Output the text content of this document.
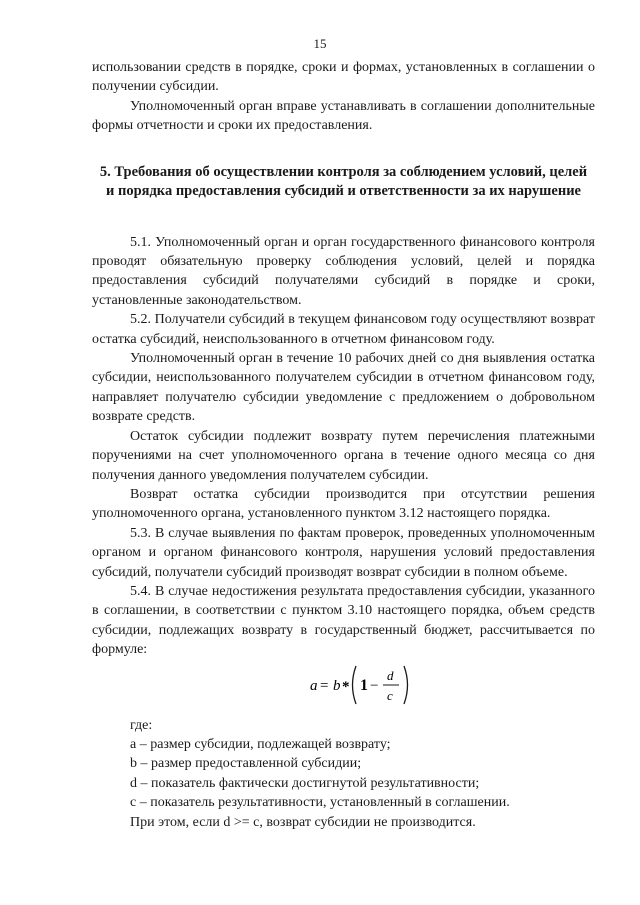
15

использовании средств в порядке, сроки и формах, установленных в соглашении о получении субсидии.

Уполномоченный орган вправе устанавливать в соглашении дополнительные формы отчетности и сроки их предоставления.

5. Требования об осуществлении контроля за соблюдением условий, целей и порядка предоставления субсидий и ответственности за их нарушение

5.1. Уполномоченный орган и орган государственного финансового контроля проводят обязательную проверку соблюдения условий, целей и порядка предоставления субсидий получателями субсидий в порядке и сроки, установленные законодательством.

5.2. Получатели субсидий в текущем финансовом году осуществляют возврат остатка субсидий, неиспользованного в отчетном финансовом году.

Уполномоченный орган в течение 10 рабочих дней со дня выявления остатка субсидии, неиспользованного получателем субсидии в отчетном финансовом году, направляет получателю субсидии уведомление с предложением о добровольном возврате средств.

Остаток субсидии подлежит возврату путем перечисления платежными поручениями на счет уполномоченного органа в течение одного месяца со дня получения данного уведомления получателем субсидии.

Возврат остатка субсидии производится при отсутствии решения уполномоченного органа, установленного пунктом 3.12 настоящего порядка.

5.3. В случае выявления по фактам проверок, проведенных уполномоченным органом и органом финансового контроля, нарушения условий предоставления субсидий, получатели субсидий производят возврат субсидии в полном объеме.

5.4. В случае недостижения результата предоставления субсидии, указанного в соглашении, в соответствии с пунктом 3.10 настоящего порядка, объем средств субсидии, подлежащих возврату в государственный бюджет, рассчитывается по формуле:

a = b * 1 −
d
c

где:

а – размер субсидии, подлежащей возврату;

b – размер предоставленной субсидии;

d – показатель фактически достигнутой результативности;

с – показатель результативности, установленный в соглашении.

При этом, если d >= c, возврат субсидии не производится.
